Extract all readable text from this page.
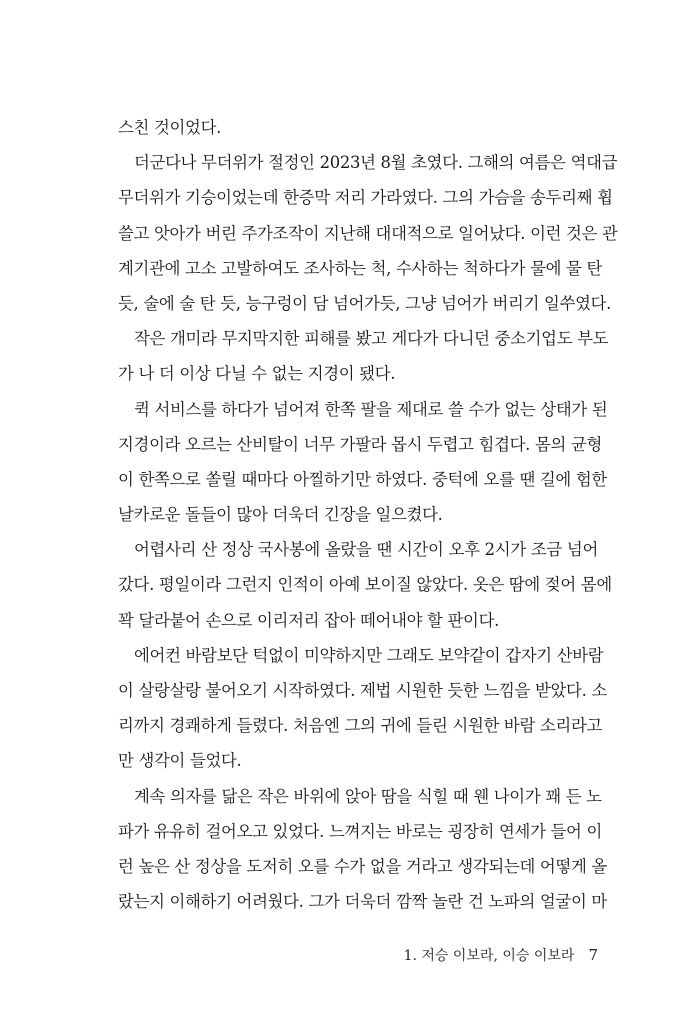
스친 것이었다.
더군다나 무더위가 절정인 2023년 8월 초였다. 그해의 여름은 역대급
무더위가 기승이었는데 한증막 저리 가라였다. 그의 가슴을 송두리째 휩
쓸고 앗아가 버린 주가조작이 지난해 대대적으로 일어났다. 이런 것은 관
계기관에 고소 고발하여도 조사하는 척, 수사하는 척하다가 물에 물 탄
듯, 술에 술 탄 듯, 능구렁이 담 넘어가듯, 그냥 넘어가 버리기 일쑤였다.
작은 개미라 무지막지한 피해를 봤고 게다가 다니던 중소기업도 부도
가 나 더 이상 다닐 수 없는 지경이 됐다.
퀵 서비스를 하다가 넘어져 한쪽 팔을 제대로 쓸 수가 없는 상태가 된
지경이라 오르는 산비탈이 너무 가팔라 몹시 두렵고 힘겹다. 몸의 균형
이 한쪽으로 쏠릴 때마다 아찔하기만 하였다. 중턱에 오를 땐 길에 험한
날카로운 돌들이 많아 더욱더 긴장을 일으켰다.
어렵사리 산 정상 국사봉에 올랐을 땐 시간이 오후 2시가 조금 넘어
갔다. 평일이라 그런지 인적이 아예 보이질 않았다. 옷은 땀에 젖어 몸에
꽉 달라붙어 손으로 이리저리 잡아 떼어내야 할 판이다.
에어컨 바람보단 턱없이 미약하지만 그래도 보약같이 갑자기 산바람
이 살랑살랑 불어오기 시작하였다. 제법 시원한 듯한 느낌을 받았다. 소
리까지 경쾌하게 들렸다. 처음엔 그의 귀에 들린 시원한 바람 소리라고
만 생각이 들었다.
계속 의자를 닮은 작은 바위에 앉아 땀을 식힐 때 웬 나이가 꽤 든 노
파가 유유히 걸어오고 있었다. 느껴지는 바로는 굉장히 연세가 들어 이
런 높은 산 정상을 도저히 오를 수가 없을 거라고 생각되는데 어떻게 올
랐는지 이해하기 어려웠다. 그가 더욱더 깜짝 놀란 건 노파의 얼굴이 마
1. 저승 이보라, 이승 이보라 7
